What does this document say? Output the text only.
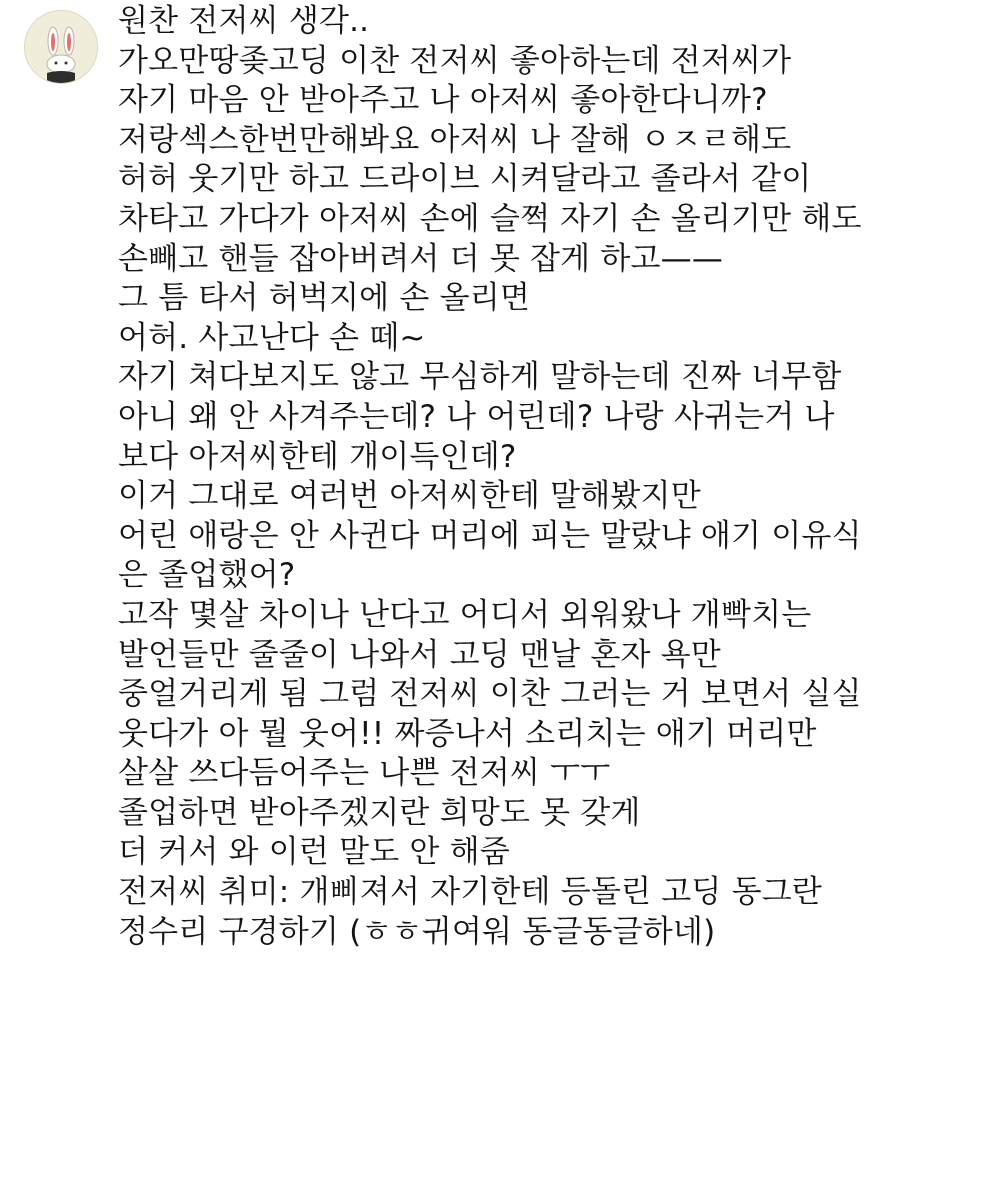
원찬 전저씨 생각..
가오만땅좆고딩 이찬 전저씨 좋아하는데 전저씨가
자기 마음 안 받아주고 나 아저씨 좋아한다니까?
저랑섹스한번만해봐요 아저씨 나 잘해 ㅇㅈㄹ해도
허허 웃기만 하고 드라이브 시켜달라고 졸라서 같이
차타고 가다가 아저씨 손에 슬쩍 자기 손 올리기만 해도
손빼고 핸들 잡아버려서 더 못 잡게 하고——
그 틈 타서 허벅지에 손 올리면
어허. 사고난다 손 떼~
자기 쳐다보지도 않고 무심하게 말하는데 진짜 너무함
아니 왜 안 사겨주는데? 나 어린데? 나랑 사귀는거 나
보다 아저씨한테 개이득인데?
이거 그대로 여러번 아저씨한테 말해봤지만
어린 애랑은 안 사귄다 머리에 피는 말랐냐 애기 이유식
은 졸업했어?
고작 몇살 차이나 난다고 어디서 외워왔나 개빡치는
발언들만 줄줄이 나와서 고딩 맨날 혼자 욕만
중얼거리게 됨 그럼 전저씨 이찬 그러는 거 보면서 실실
웃다가 아 뭘 웃어!! 짜증나서 소리치는 애기 머리만
살살 쓰다듬어주는 나쁜 전저씨 ㅜㅜ
졸업하면 받아주겠지란 희망도 못 갖게
더 커서 와 이런 말도 안 해줌
전저씨 취미: 개삐져서 자기한테 등돌린 고딩 동그란
정수리 구경하기 (ㅎㅎ귀여워 동글동글하네)
